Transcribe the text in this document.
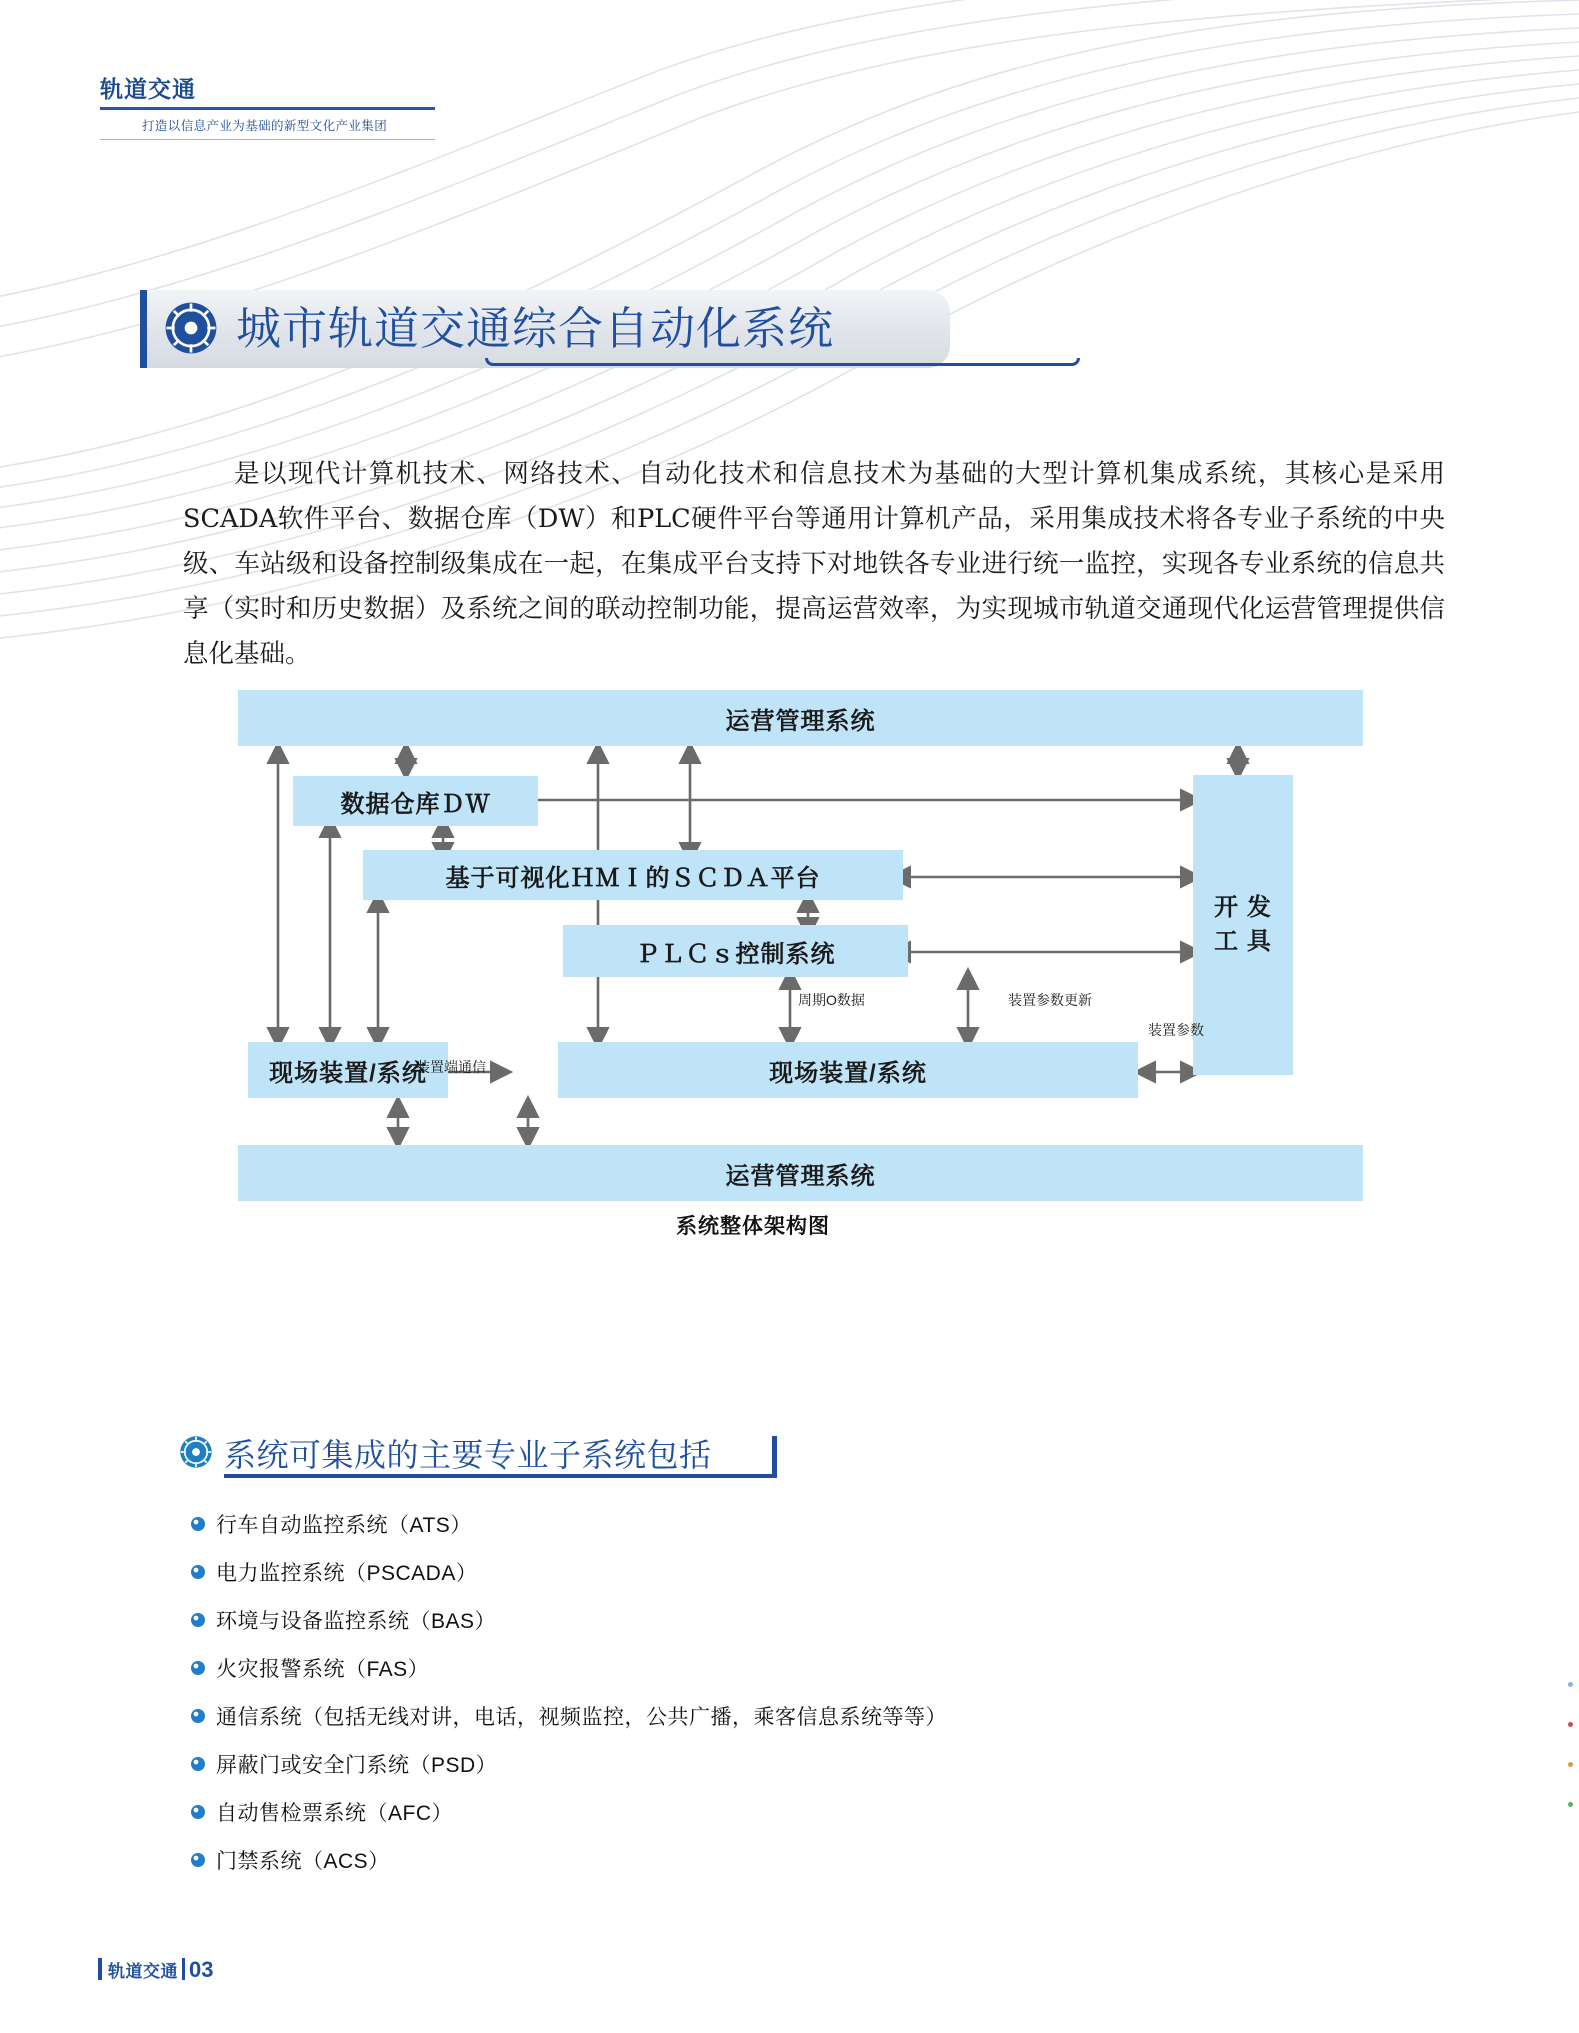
轨道交通
打造以信息产业为基础的新型文化产业集团
城市轨道交通综合自动化系统
是以现代计算机技术、网络技术、自动化技术和信息技术为基础的大型计算机集成系统，其核心是采用SCADA软件平台、数据仓库（DW）和PLC硬件平台等通用计算机产品，采用集成技术将各专业子系统的中央级、车站级和设备控制级集成在一起，在集成平台支持下对地铁各专业进行统一监控，实现各专业系统的信息共享（实时和历史数据）及系统之间的联动控制功能，提高运营效率，为实现城市轨道交通现代化运营管理提供信息化基础。
运营管理系统
数据仓库ＤＷ
基于可视化ＨＭＩ的ＳＣＤＡ平台
ＰＬＣｓ控制系统
开 发
工 具
现场装置/系统	现场装置/系统
运营管理系统
周期O数据	装置参数更新
装置参数
装置端通信
系统整体架构图
系统可集成的主要专业子系统包括
行车自动监控系统（ATS）
电力监控系统（PSCADA）
环境与设备监控系统（BAS）
火灾报警系统（FAS）
通信系统（包括无线对讲，电话，视频监控，公共广播，乘客信息系统等等）
屏蔽门或安全门系统（PSD）
自动售检票系统（AFC）
门禁系统（ACS）
轨道交通 03
